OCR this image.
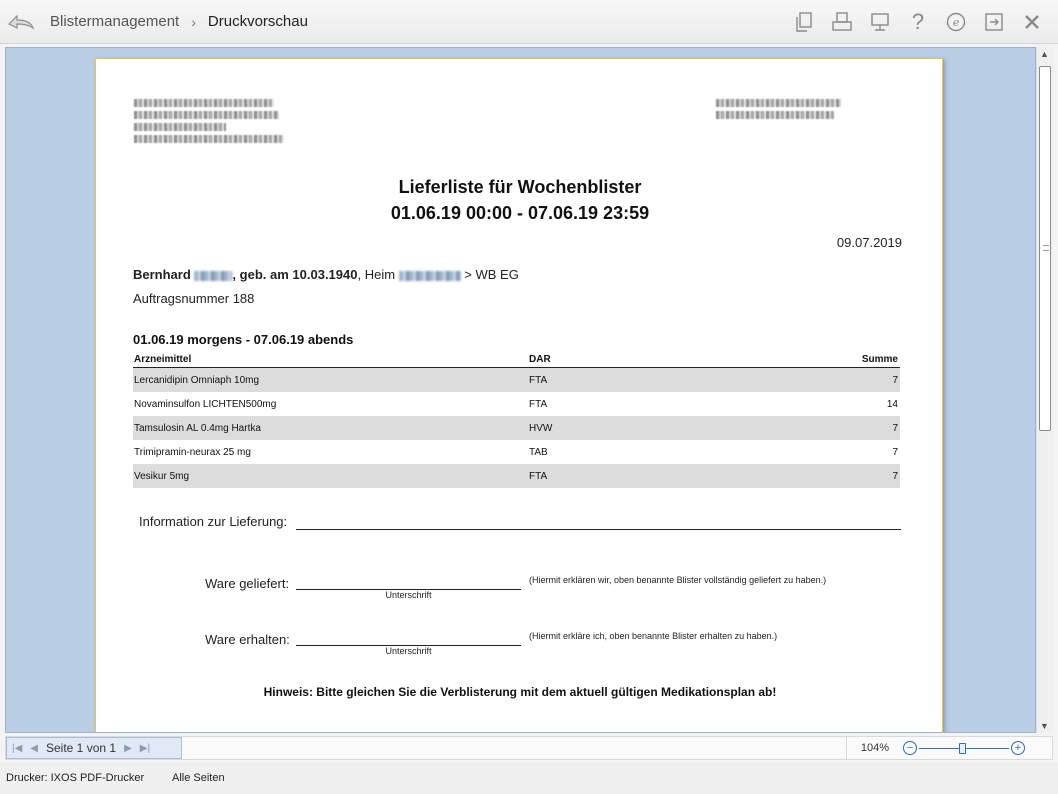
Blistermanagement › Druckvorschau	?	e
Lieferliste für Wochenblister
01.06.19 00:00 - 07.06.19 23:59
09.07.2019
Bernhard	, geb. am 10.03.1940, Heim	> WB EG
Auftragsnummer 188
01.06.19 morgens - 07.06.19 abends
Arzneimittel	DAR	Summe
Lercanidipin Omniaph 10mg	FTA	7
Novaminsulfon LICHTEN500mg	FTA	14
Tamsulosin AL 0.4mg Hartka	HVW	7
Trimipramin-neurax 25 mg	TAB	7
Vesikur 5mg	FTA	7
Information zur Lieferung:
Ware geliefert:
Unterschrift
(Hiermit erklären wir, oben benannte Blister vollständig geliefert zu haben.)
Ware erhalten:
Unterschrift
(Hiermit erkläre ich, oben benannte Blister erhalten zu haben.)
Hinweis: Bitte gleichen Sie die Verblisterung mit dem aktuell gültigen Medikationsplan ab!
▲
▼
|◀ ◀ Seite 1 von 1 ▶ ▶|	104%	−	+
Drucker: IXOS PDF-Drucker	Alle Seiten
